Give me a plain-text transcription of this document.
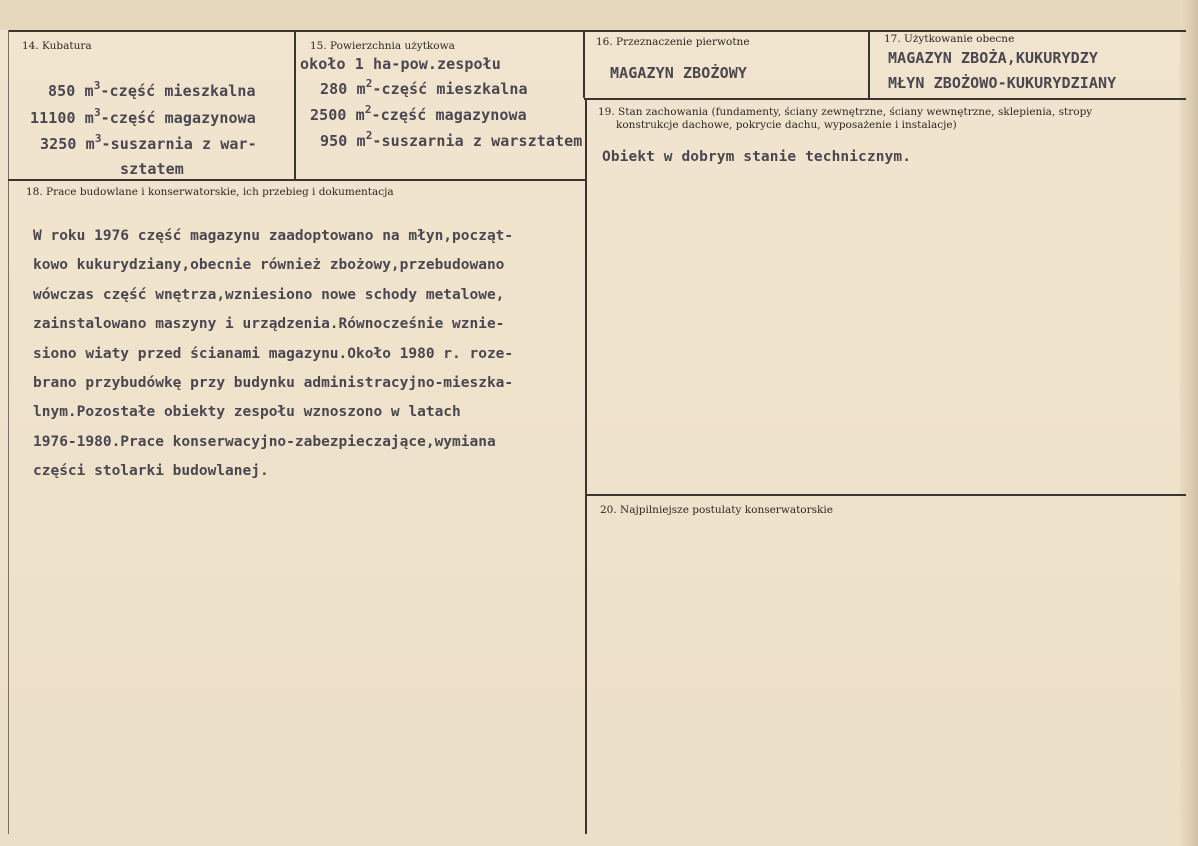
14. Kubatura
850 $m^3$-część mieszkalna
11100 $m^3$-część magazynowa
3250 $m^3$-suszarnia z war-
sztatem
15. Powierzchnia użytkowa
około 1 ha-pow.zespołu
280 $m^2$-część mieszkalna
2500 $m^2$-część magazynowa
950 $m^2$-suszarnia z warsztatem
16. Przeznaczenie pierwotne
MAGAZYN ZBOŻOWY
17. Użytkowanie obecne
MAGAZYN ZBOŻA,KUKURYDZY
MŁYN ZBOŻOWO-KUKURYDZIANY
18. Prace budowlane i konserwatorskie, ich przebieg i dokumentacja
W roku 1976 część magazynu zaadoptowano na młyn,począt-
kowo kukurydziany,obecnie również zbożowy,przebudowano
wówczas część wnętrza,wzniesiono nowe schody metalowe,
zainstalowano maszyny i urządzenia.Równocześnie wznie-
siono wiaty przed ścianami magazynu.Około 1980 r. roze-
brano przybudówkę przy budynku administracyjno-mieszka-
lnym.Pozostałe obiekty zespołu wznoszono w latach
1976-1980.Prace konserwacyjno-zabezpieczające,wymiana
części stolarki budowlanej.
19. Stan zachowania (fundamenty, ściany zewnętrzne, ściany wewnętrzne, sklepienia, stropy
konstrukcje dachowe, pokrycie dachu, wyposażenie i instalacje)
Obiekt w dobrym stanie technicznym.
20. Najpilniejsze postulaty konserwatorskie
